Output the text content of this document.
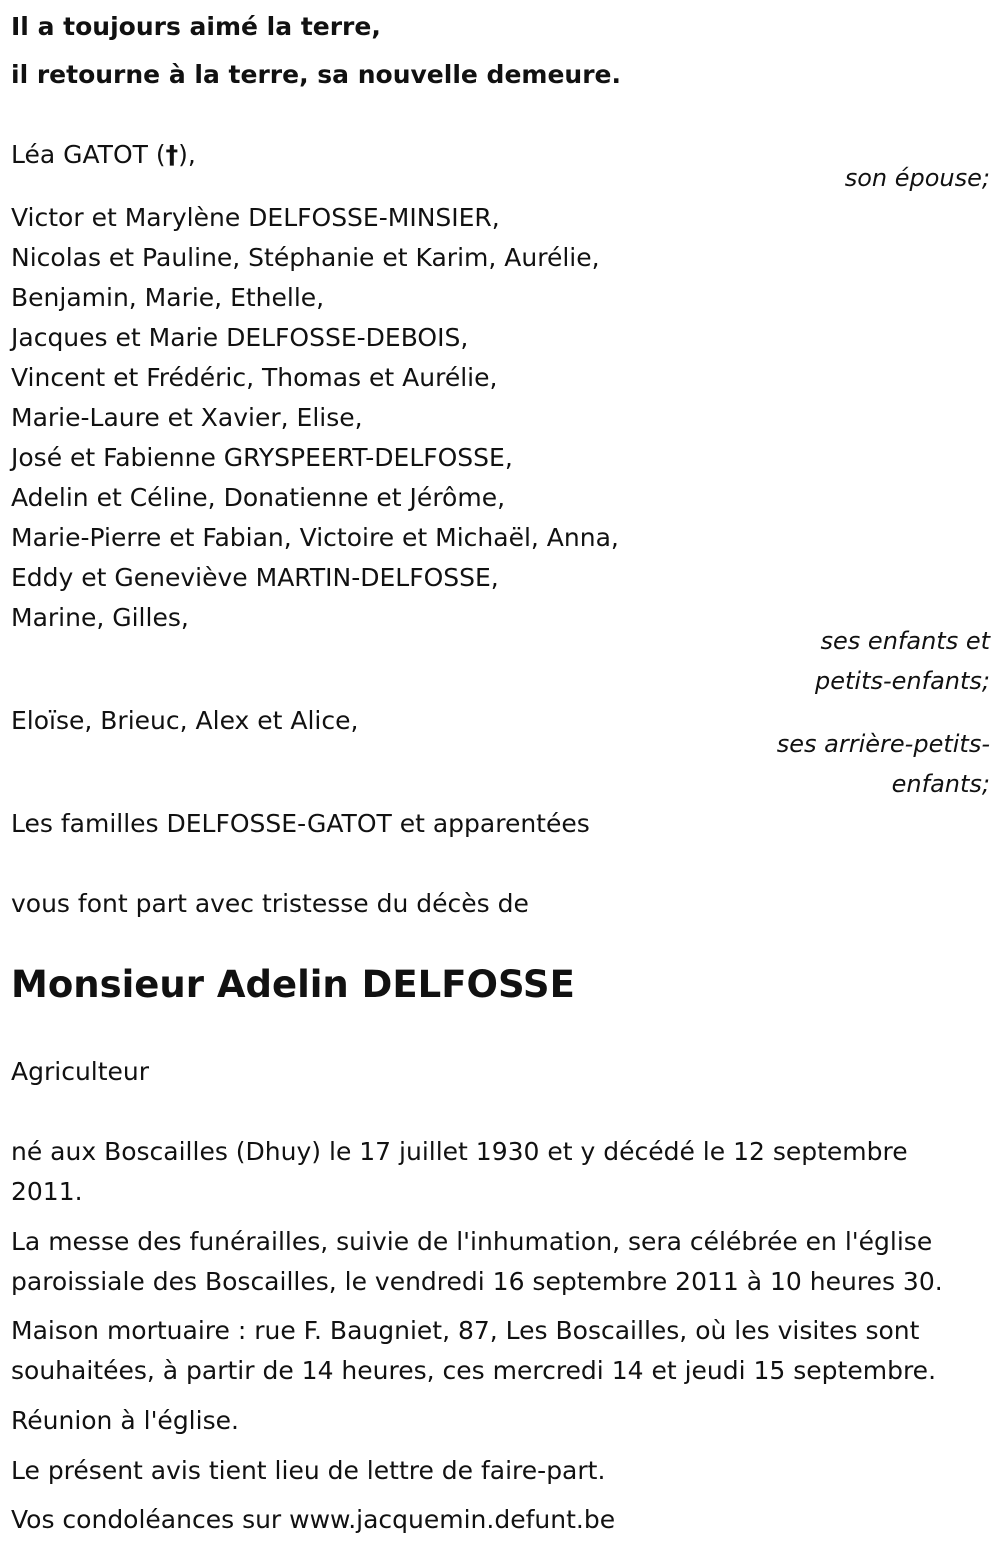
Il a toujours aimé la terre,
il retourne à la terre, sa nouvelle demeure.
Léa GATOT (†),
son épouse;
Victor et Marylène DELFOSSE-MINSIER,
Nicolas et Pauline, Stéphanie et Karim, Aurélie,
Benjamin, Marie, Ethelle,
Jacques et Marie DELFOSSE-DEBOIS,
Vincent et Frédéric, Thomas et Aurélie,
Marie-Laure et Xavier, Elise,
José et Fabienne GRYSPEERT-DELFOSSE,
Adelin et Céline, Donatienne et Jérôme,
Marie-Pierre et Fabian, Victoire et Michaël, Anna,
Eddy et Geneviève MARTIN-DELFOSSE,
Marine, Gilles,
ses enfants et
petits-enfants;
Eloïse, Brieuc, Alex et Alice,
ses arrière-petits-
enfants;
Les familles DELFOSSE-GATOT et apparentées
vous font part avec tristesse du décès de
Monsieur Adelin DELFOSSE
Agriculteur
né aux Boscailles (Dhuy) le 17 juillet 1930 et y décédé le 12 septembre 2011.
La messe des funérailles, suivie de l'inhumation, sera célébrée en l'église paroissiale des Boscailles, le vendredi 16 septembre 2011 à 10 heures 30.
Maison mortuaire : rue F. Baugniet, 87, Les Boscailles, où les visites sont souhaitées, à partir de 14 heures, ces mercredi 14 et jeudi 15 septembre.
Réunion à l'église.
Le présent avis tient lieu de lettre de faire-part.
Vos condoléances sur www.jacquemin.defunt.be
